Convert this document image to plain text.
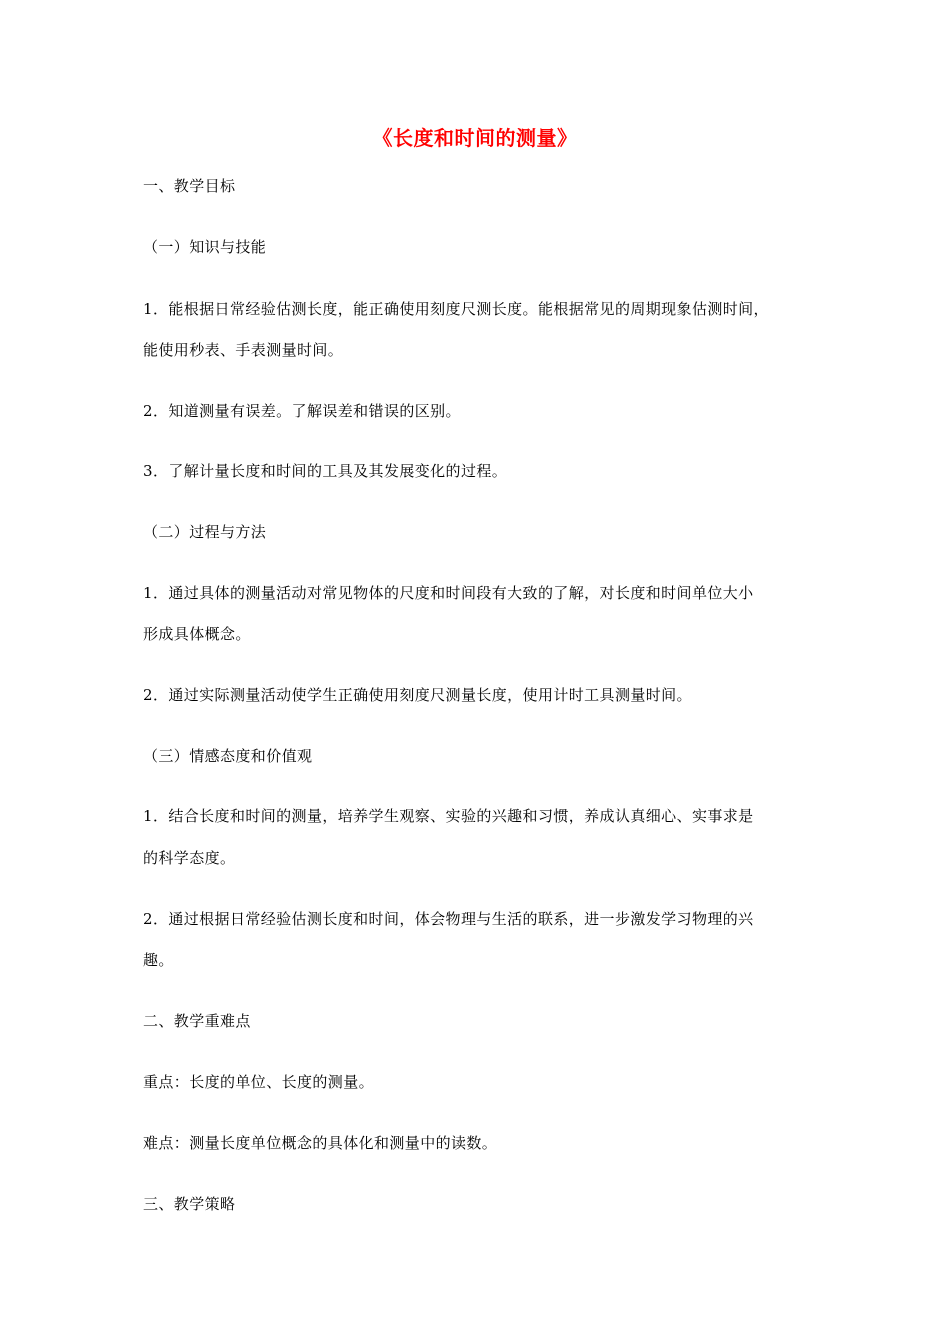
《长度和时间的测量》
一、教学目标
（一）知识与技能
1．能根据日常经验估测长度，能正确使用刻度尺测长度。能根据常见的周期现象估测时间，
能使用秒表、手表测量时间。
2．知道测量有误差。了解误差和错误的区别。
3．了解计量长度和时间的工具及其发展变化的过程。
（二）过程与方法
1．通过具体的测量活动对常见物体的尺度和时间段有大致的了解，对长度和时间单位大小
形成具体概念。
2．通过实际测量活动使学生正确使用刻度尺测量长度，使用计时工具测量时间。
（三）情感态度和价值观
1．结合长度和时间的测量，培养学生观察、实验的兴趣和习惯，养成认真细心、实事求是
的科学态度。
2．通过根据日常经验估测长度和时间，体会物理与生活的联系，进一步激发学习物理的兴
趣。
二、教学重难点
重点：长度的单位、长度的测量。
难点：测量长度单位概念的具体化和测量中的读数。
三、教学策略
